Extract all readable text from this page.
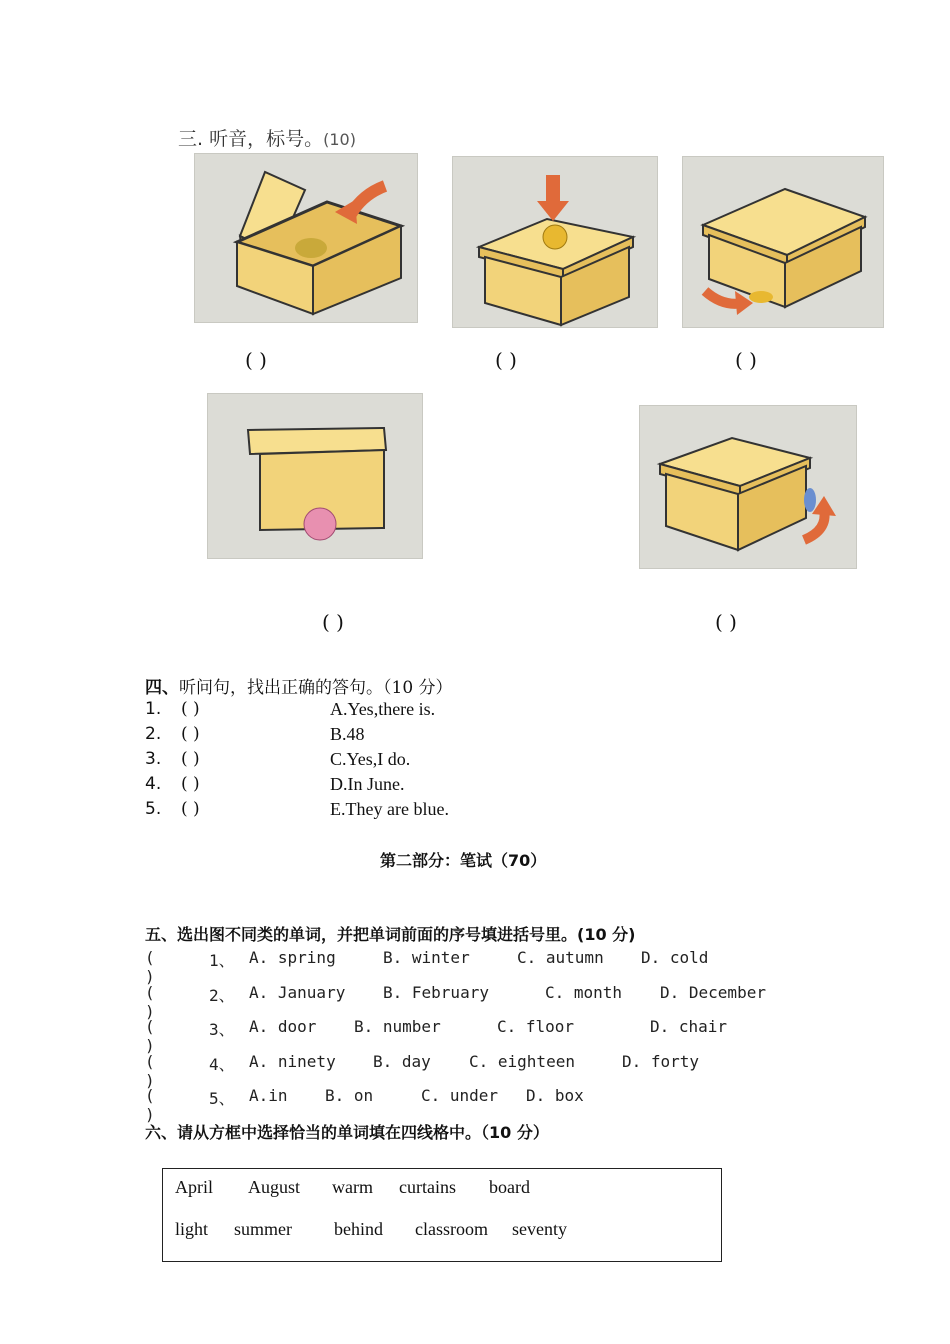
三. 听音，标号。(10)
( )	( )	( )
( )	( )
四、听问句，找出正确的答句。（10 分）
1. ( )	A.Yes,there is.
2. ( )	B.48
3. ( )	C.Yes,I do.
4. ( )	D.In June.
5. ( )	E.They are blue.
第二部分：笔试（70）
五、选出图不同类的单词，并把单词前面的序号填进括号里。(10 分)
( )
1、 A. spring	B. winter	C. autumn D. cold
( )
2、 A. January B. February	C. month D. December
( )
3、 A. door B. number	C. floor	D. chair
( )
4、 A. ninety B. day C. eighteen	D. forty
( )
5、 A.in B. on	C. under D. box
六、请从方框中选择恰当的单词填在四线格中。（10 分）
April August warm curtains board
light summer behind classroom seventy
